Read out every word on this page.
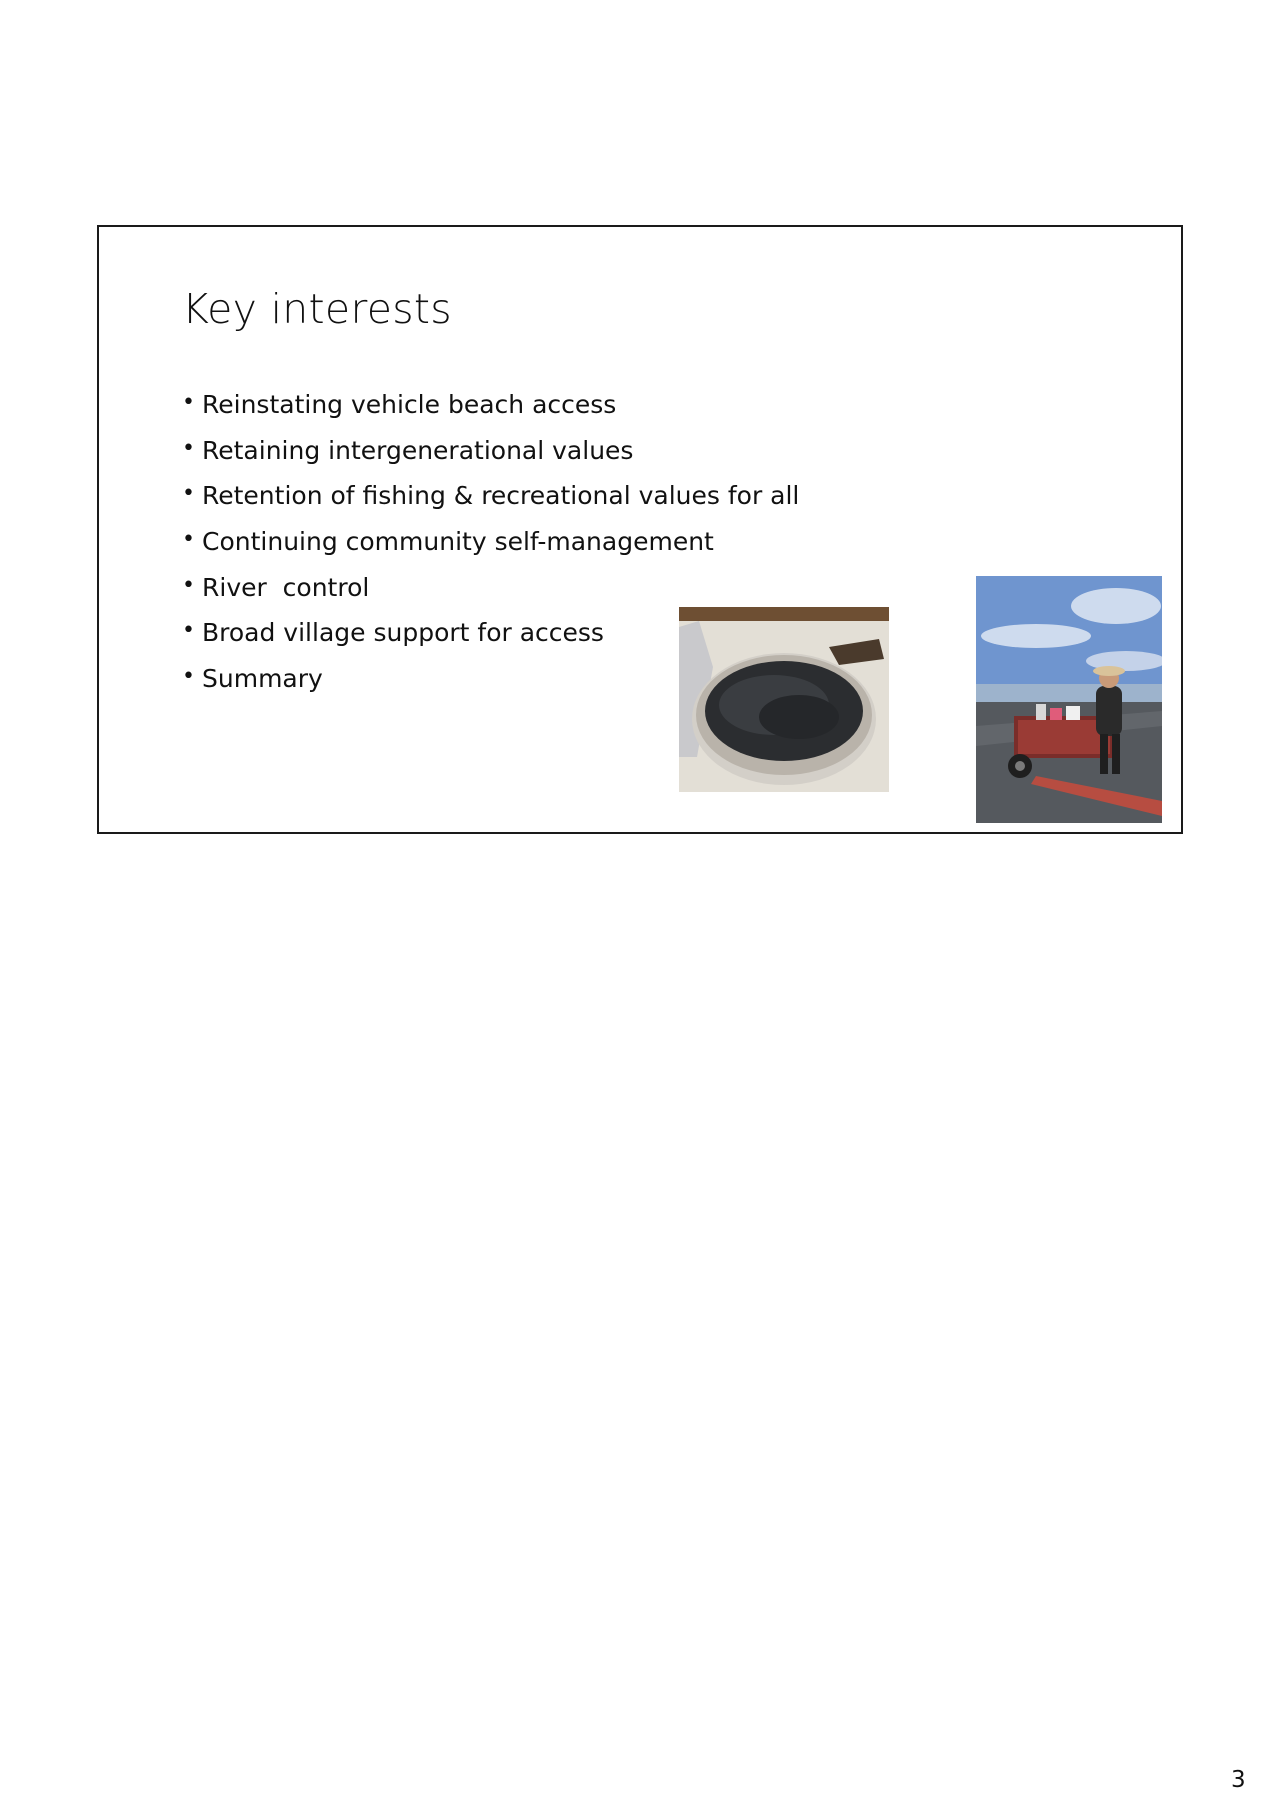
Key interests
• Reinstating vehicle beach access
• Retaining intergenerational values
• Retention of fishing & recreational values for all
• Continuing community self-management
• River  control
• Broad village support for access
• Summary
3
